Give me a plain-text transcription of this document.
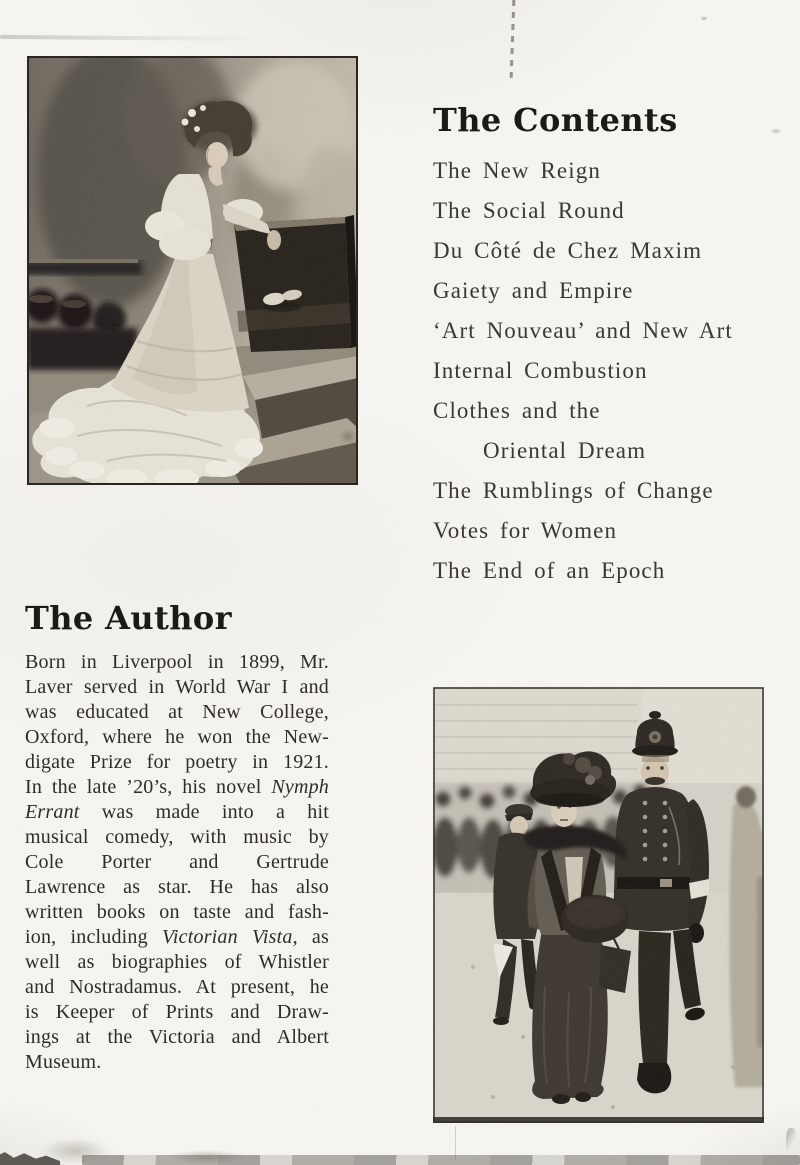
The Contents
The New Reign
The Social Round
Du Côté de Chez Maxim
Gaiety and Empire
‘Art Nouveau’ and New Art
Internal Combustion
Clothes and the
Oriental Dream
The Rumblings of Change
Votes for Women
The End of an Epoch
The Author
Born in Liverpool in 1899, Mr.
Laver served in World War I and
was educated at New College,
Oxford, where he won the New-
digate Prize for poetry in 1921.
In the late ’20’s, his novel Nymph
Errant was made into a hit
musical comedy, with music by
Cole Porter and Gertrude
Lawrence as star. He has also
written books on taste and fash-
ion, including Victorian Vista, as
well as biographies of Whistler
and Nostradamus. At present, he
is Keeper of Prints and Draw-
ings at the Victoria and Albert
Museum.
